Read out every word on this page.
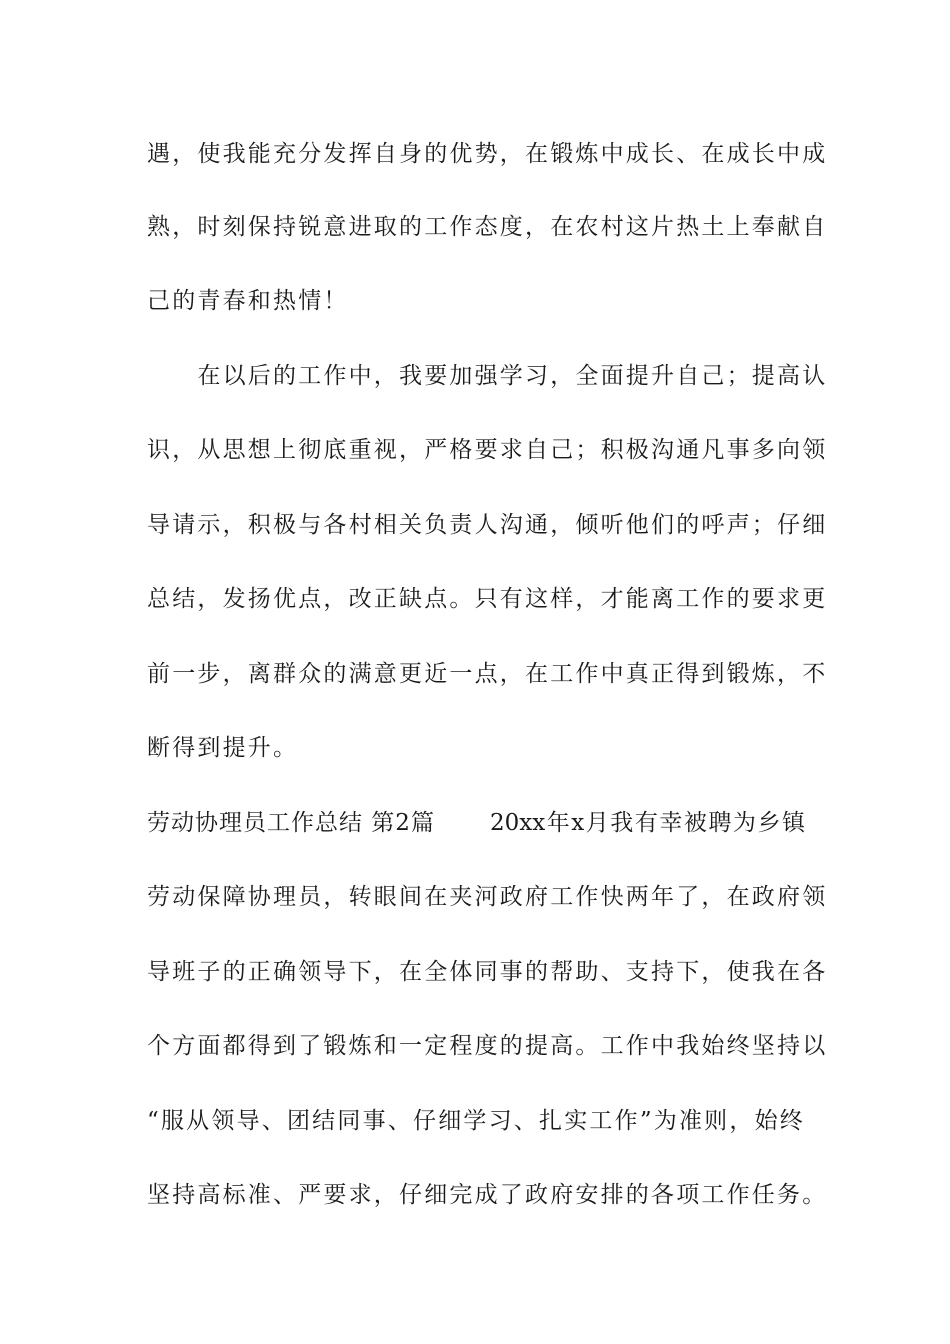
遇，使我能充分发挥自身的优势，在锻炼中成长、在成长中成
熟，时刻保持锐意进取的工作态度，在农村这片热土上奉献自
己的青春和热情！
　　在以后的工作中，我要加强学习，全面提升自己；提高认
识，从思想上彻底重视，严格要求自己；积极沟通凡事多向领
导请示，积极与各村相关负责人沟通，倾听他们的呼声；仔细
总结，发扬优点，改正缺点。只有这样，才能离工作的要求更
前一步，离群众的满意更近一点，在工作中真正得到锻炼，不
断得到提升。
劳动协理员工作总结 第2篇 20xx年x月我有幸被聘为乡镇
劳动保障协理员，转眼间在夹河政府工作快两年了，在政府领
导班子的正确领导下，在全体同事的帮助、支持下，使我在各
个方面都得到了锻炼和一定程度的提高。工作中我始终坚持以
“服从领导、团结同事、仔细学习、扎实工作”为准则，始终
坚持高标准、严要求，仔细完成了政府安排的各项工作任务。
